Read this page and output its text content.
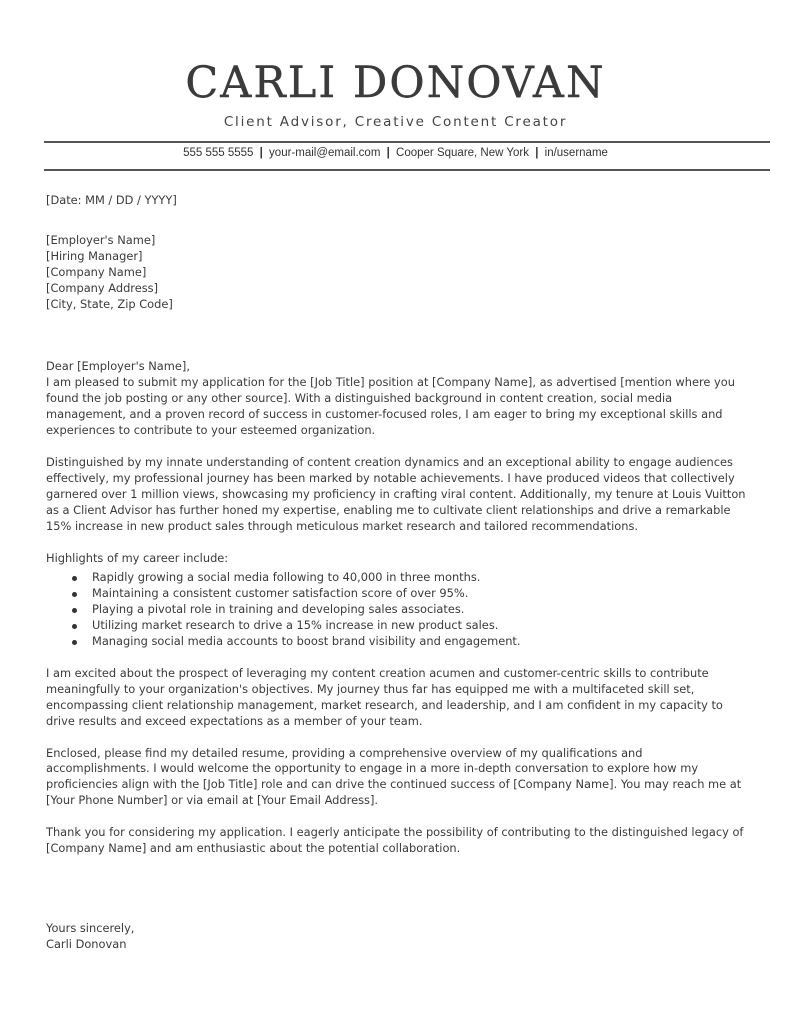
CARLI DONOVAN
Client Advisor, Creative Content Creator
555 555 5555 | your-mail@email.com | Cooper Square, New York | in/username

[Date: MM / DD / YYYY]

[Employer's Name]

[Hiring Manager]

[Company Name]

[Company Address]

[City, State, Zip Code]

Dear [Employer's Name],

I am pleased to submit my application for the [Job Title] position at [Company Name], as advertised [mention where you found the job posting or any other source]. With a distinguished background in content creation, social media management, and a proven record of success in customer-focused roles, I am eager to bring my exceptional skills and experiences to contribute to your esteemed organization.

Distinguished by my innate understanding of content creation dynamics and an exceptional ability to engage audiences effectively, my professional journey has been marked by notable achievements. I have produced videos that collectively garnered over 1 million views, showcasing my proficiency in crafting viral content. Additionally, my tenure at Louis Vuitton as a Client Advisor has further honed my expertise, enabling me to cultivate client relationships and drive a remarkable 15% increase in new product sales through meticulous market research and tailored recommendations.

Highlights of my career include:

Rapidly growing a social media following to 40,000 in three months.
Maintaining a consistent customer satisfaction score of over 95%.
Playing a pivotal role in training and developing sales associates.
Utilizing market research to drive a 15% increase in new product sales.
Managing social media accounts to boost brand visibility and engagement.

I am excited about the prospect of leveraging my content creation acumen and customer-centric skills to contribute meaningfully to your organization's objectives. My journey thus far has equipped me with a multifaceted skill set, encompassing client relationship management, market research, and leadership, and I am confident in my capacity to drive results and exceed expectations as a member of your team.

Enclosed, please find my detailed resume, providing a comprehensive overview of my qualifications and accomplishments. I would welcome the opportunity to engage in a more in-depth conversation to explore how my proficiencies align with the [Job Title] role and can drive the continued success of [Company Name]. You may reach me at [Your Phone Number] or via email at [Your Email Address].

Thank you for considering my application. I eagerly anticipate the possibility of contributing to the distinguished legacy of [Company Name] and am enthusiastic about the potential collaboration.

Yours sincerely,

Carli Donovan
